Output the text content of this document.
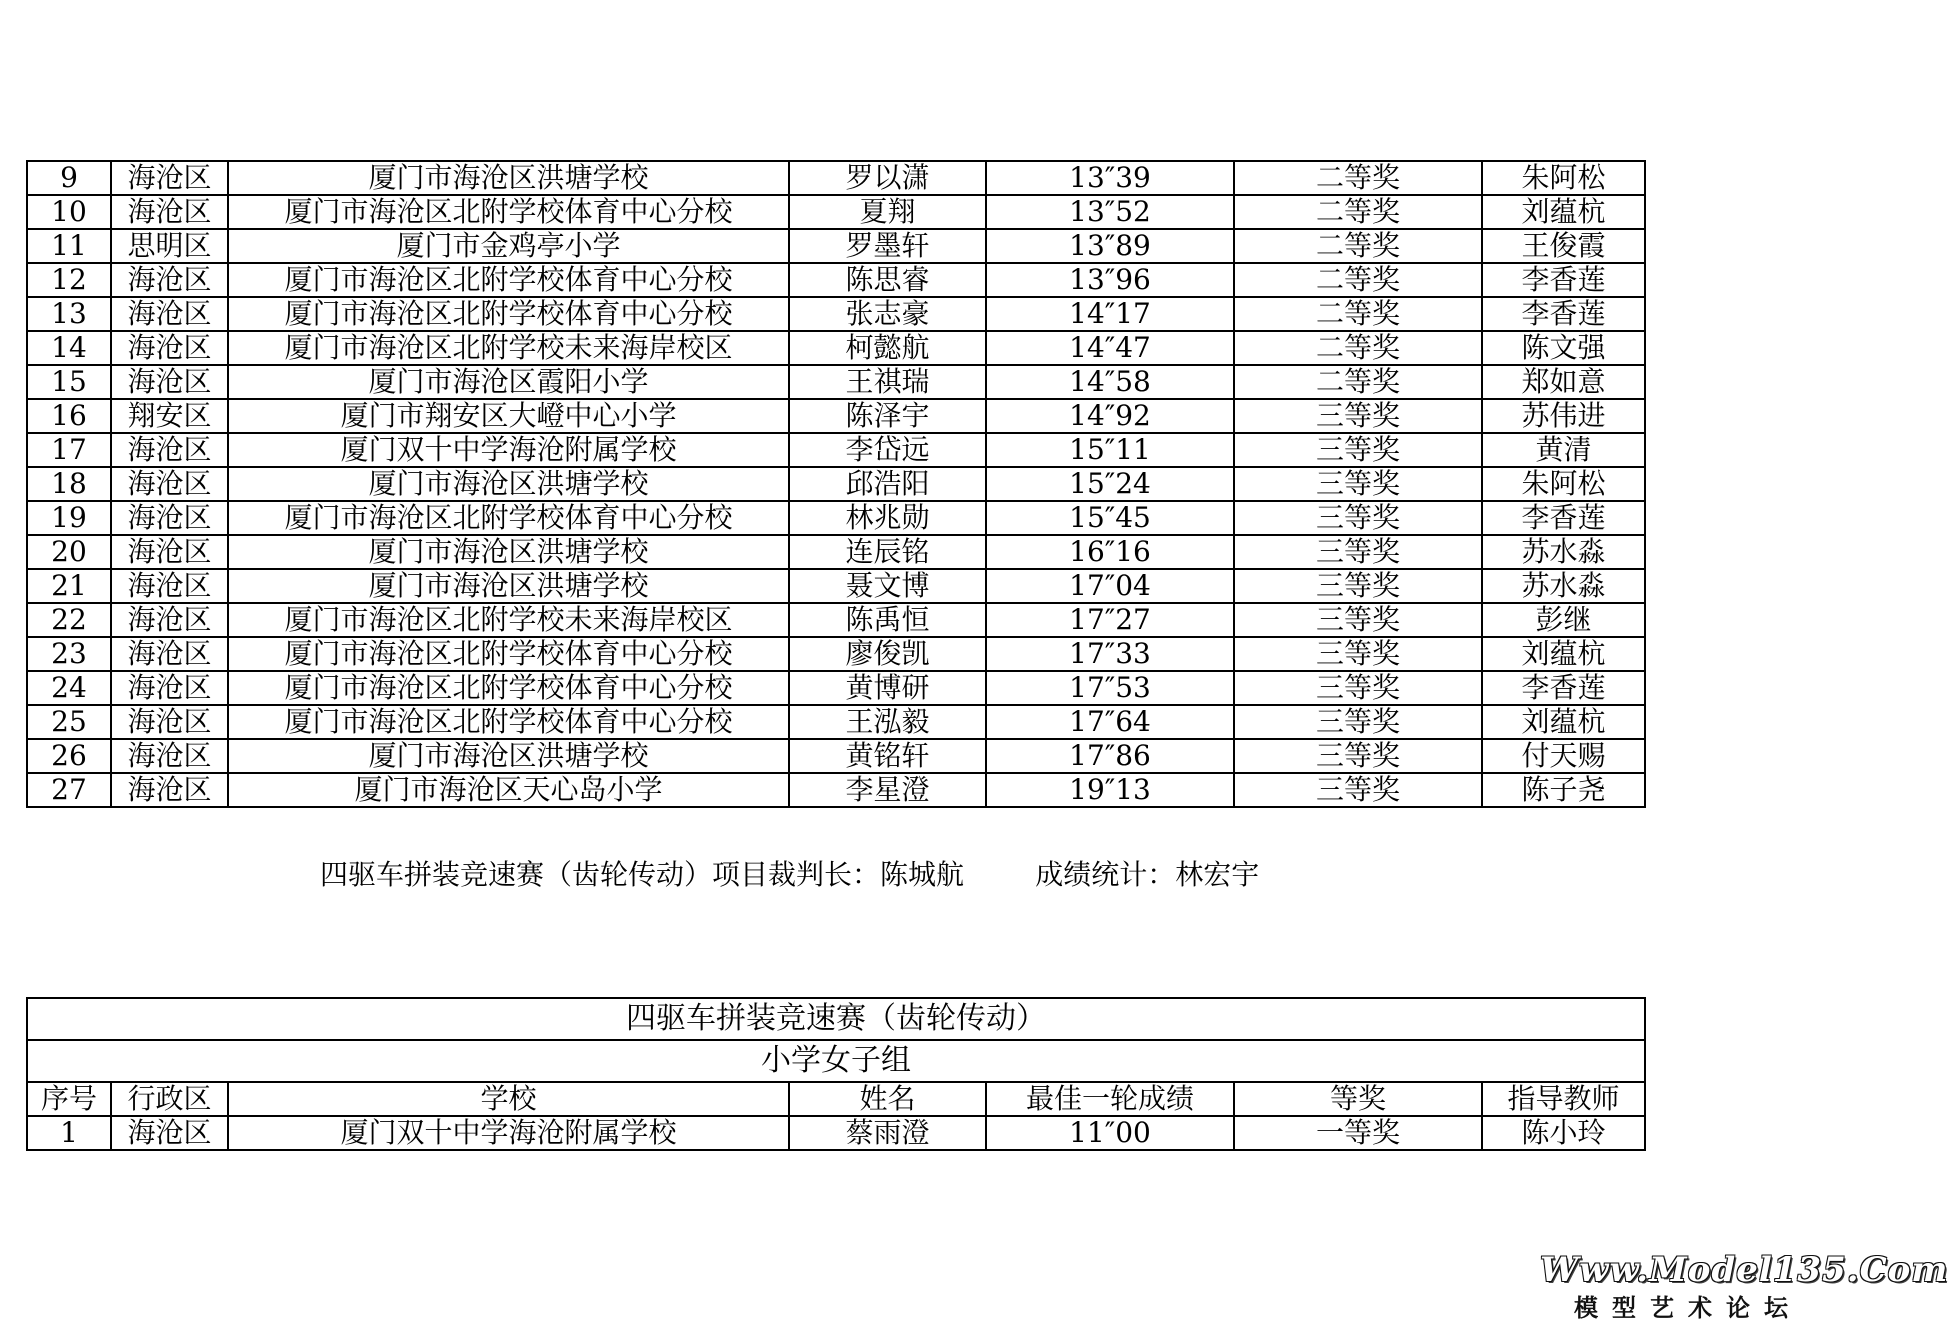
9	海沧区	厦门市海沧区洪塘学校	罗以潇	13″39	二等奖	朱阿松
10	海沧区	厦门市海沧区北附学校体育中心分校	夏翔	13″52	二等奖	刘蕴杭
11	思明区	厦门市金鸡亭小学	罗墨轩	13″89	二等奖	王俊霞
12	海沧区	厦门市海沧区北附学校体育中心分校	陈思睿	13″96	二等奖	李香莲
13	海沧区	厦门市海沧区北附学校体育中心分校	张志豪	14″17	二等奖	李香莲
14	海沧区	厦门市海沧区北附学校未来海岸校区	柯懿航	14″47	二等奖	陈文强
15	海沧区	厦门市海沧区霞阳小学	王祺瑞	14″58	二等奖	郑如意
16	翔安区	厦门市翔安区大嶝中心小学	陈泽宇	14″92	三等奖	苏伟进
17	海沧区	厦门双十中学海沧附属学校	李岱远	15″11	三等奖	黄清
18	海沧区	厦门市海沧区洪塘学校	邱浩阳	15″24	三等奖	朱阿松
19	海沧区	厦门市海沧区北附学校体育中心分校	林兆勋	15″45	三等奖	李香莲
20	海沧区	厦门市海沧区洪塘学校	连辰铭	16″16	三等奖	苏水淼
21	海沧区	厦门市海沧区洪塘学校	聂文博	17″04	三等奖	苏水淼
22	海沧区	厦门市海沧区北附学校未来海岸校区	陈禹恒	17″27	三等奖	彭继
23	海沧区	厦门市海沧区北附学校体育中心分校	廖俊凯	17″33	三等奖	刘蕴杭
24	海沧区	厦门市海沧区北附学校体育中心分校	黄博研	17″53	三等奖	李香莲
25	海沧区	厦门市海沧区北附学校体育中心分校	王泓毅	17″64	三等奖	刘蕴杭
26	海沧区	厦门市海沧区洪塘学校	黄铭轩	17″86	三等奖	付天赐
27	海沧区	厦门市海沧区天心岛小学	李星澄	19″13	三等奖	陈子尧
四驱车拼装竞速赛（齿轮传动）项目裁判长：陈城航        成绩统计：林宏宇
四驱车拼装竞速赛（齿轮传动）						
小学女子组						
序号	行政区	学校	姓名	最佳一轮成绩	等奖	指导教师
1	海沧区	厦门双十中学海沧附属学校	蔡雨澄	11″00	一等奖	陈小玲
Www.Model135.Com
模型艺术论坛
